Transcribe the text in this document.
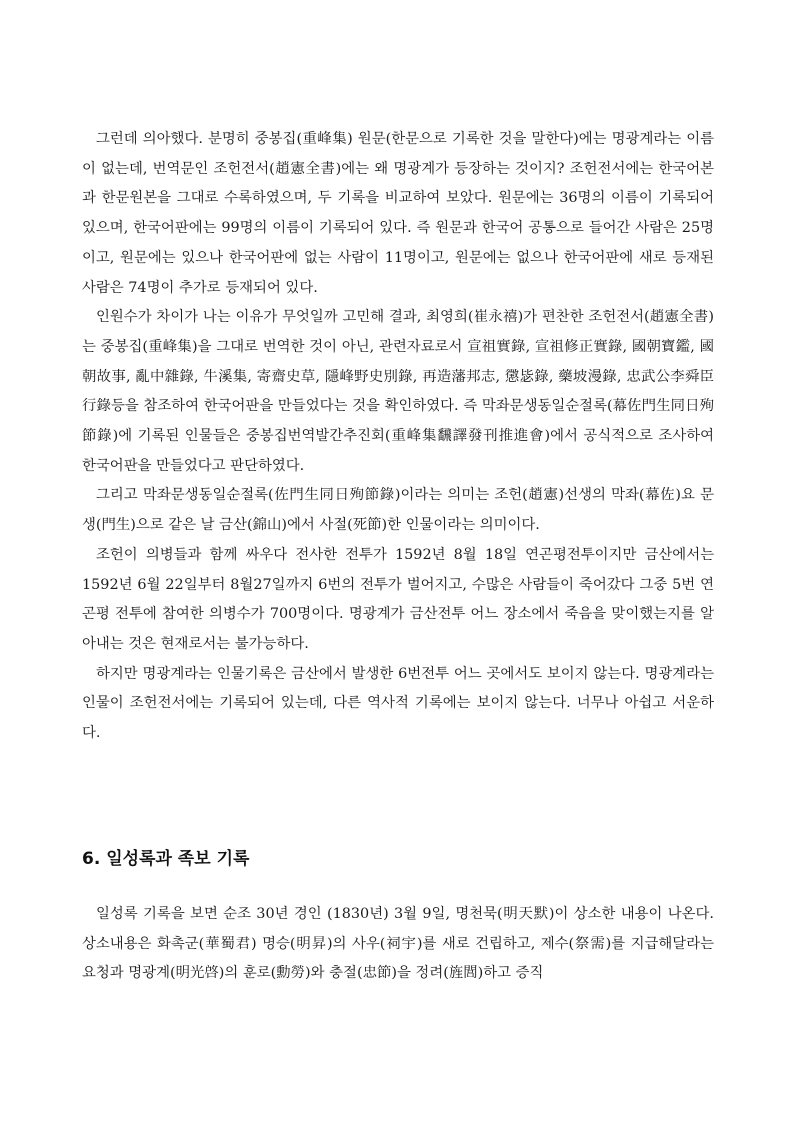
그런데 의아했다. 분명히 중봉집(重峰集) 원문(한문으로 기록한 것을 말한다)에는 명광계라는 이름이 없는데, 번역문인 조헌전서(趙憲全書)에는 왜 명광계가 등장하는 것이지? 조헌전서에는 한국어본과 한문원본을 그대로 수록하였으며, 두 기록을 비교하여 보았다. 원문에는 36명의 이름이 기록되어 있으며, 한국어판에는 99명의 이름이 기록되어 있다. 즉 원문과 한국어 공통으로 들어간 사람은 25명이고, 원문에는 있으나 한국어판에 없는 사람이 11명이고, 원문에는 없으나 한국어판에 새로 등재된 사람은 74명이 추가로 등재되어 있다.

인원수가 차이가 나는 이유가 무엇일까 고민해 결과, 최영희(崔永禧)가 편찬한 조헌전서(趙憲全書)는 중봉집(重峰集)을 그대로 번역한 것이 아닌, 관련자료로서 宣祖實錄, 宣祖修正實錄, 國朝寶鑑, 國朝故事, 亂中雜錄, 牛溪集, 寄齋史草, 隱峰野史別錄, 再造藩邦志, 懲毖錄, 藥坡漫錄, 忠武公李舜臣行錄등을 참조하여 한국어판을 만들었다는 것을 확인하였다. 즉 막좌문생동일순절록(幕佐門生同日殉節錄)에 기록된 인물들은 중봉집번역발간추진회(重峰集飜譯發刊推進會)에서 공식적으로 조사하여 한국어판을 만들었다고 판단하였다.

그리고 막좌문생동일순절록(佐門生同日殉節錄)이라는 의미는 조헌(趙憲)선생의 막좌(幕佐)요 문생(門生)으로 같은 날 금산(錦山)에서 사절(死節)한 인물이라는 의미이다.

조헌이 의병들과 함께 싸우다 전사한 전투가 1592년 8월 18일 연곤평전투이지만 금산에서는 1592년 6월 22일부터 8월27일까지 6번의 전투가 벌어지고, 수많은 사람들이 죽어갔다 그중 5번 연곤평 전투에 참여한 의병수가 700명이다. 명광계가 금산전투 어느 장소에서 죽음을 맞이했는지를 알아내는 것은 현재로서는 불가능하다.

하지만 명광계라는 인물기록은 금산에서 발생한 6번전투 어느 곳에서도 보이지 않는다. 명광계라는 인물이 조헌전서에는 기록되어 있는데, 다른 역사적 기록에는 보이지 않는다. 너무나 아쉽고 서운하다.

6. 일성록과 족보 기록

일성록 기록을 보면 순조 30년 경인 (1830년) 3월 9일, 명천묵(明天默)이 상소한 내용이 나온다. 상소내용은 화촉군(華蜀君) 명승(明昇)의 사우(祠宇)를 새로 건립하고, 제수(祭需)를 지급해달라는 요청과 명광계(明光啓)의 훈로(勳勞)와 충절(忠節)을 정려(旌閭)하고 증직
